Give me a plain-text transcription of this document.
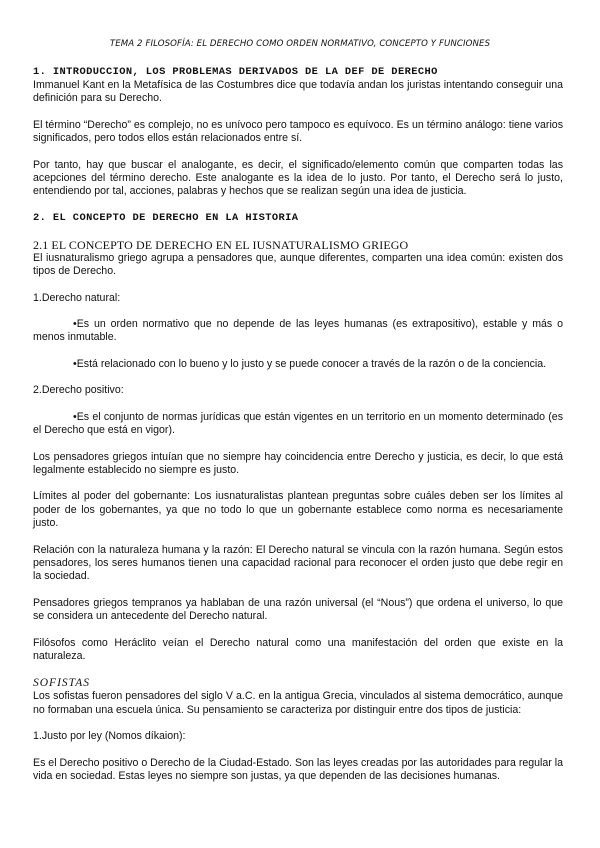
TEMA 2 FILOSOFÍA: EL DERECHO COMO ORDEN NORMATIVO, CONCEPTO Y FUNCIONES
1. INTRODUCCION, LOS PROBLEMAS DERIVADOS DE LA DEF DE DERECHO

Immanuel Kant en la Metafísica de las Costumbres dice que todavía andan los juristas intentando conseguir una definición para su Derecho.

El término “Derecho” es complejo, no es unívoco pero tampoco es equívoco. Es un término análogo: tiene varios significados, pero todos ellos están relacionados entre sí.

Por tanto, hay que buscar el analogante, es decir, el significado/elemento común que comparten todas las acepciones del término derecho. Este analogante es la idea de lo justo. Por tanto, el Derecho será lo justo, entendiendo por tal, acciones, palabras y hechos que se realizan según una idea de justicia.

2. EL CONCEPTO DE DERECHO EN LA HISTORIA
2.1 EL CONCEPTO DE DERECHO EN EL IUSNATURALISMO GRIEGO

El iusnaturalismo griego agrupa a pensadores que, aunque diferentes, comparten una idea común: existen dos tipos de Derecho.

1.Derecho natural:

•Es un orden normativo que no depende de las leyes humanas (es extrapositivo), estable y más o menos inmutable.

•Está relacionado con lo bueno y lo justo y se puede conocer a través de la razón o de la conciencia.

2.Derecho positivo:

•Es el conjunto de normas jurídicas que están vigentes en un territorio en un momento determinado (es el Derecho que está en vigor).

Los pensadores griegos intuían que no siempre hay coincidencia entre Derecho y justicia, es decir, lo que está legalmente establecido no siempre es justo.

Límites al poder del gobernante: Los iusnaturalistas plantean preguntas sobre cuáles deben ser los límites al poder de los gobernantes, ya que no todo lo que un gobernante establece como norma es necesariamente justo.

Relación con la naturaleza humana y la razón: El Derecho natural se vincula con la razón humana. Según estos pensadores, los seres humanos tienen una capacidad racional para reconocer el orden justo que debe regir en la sociedad.

Pensadores griegos tempranos ya hablaban de una razón universal (el “Nous”) que ordena el universo, lo que se considera un antecedente del Derecho natural.

Filósofos como Heráclito veían el Derecho natural como una manifestación del orden que existe en la naturaleza.

SOFISTAS

Los sofistas fueron pensadores del siglo V a.C. en la antigua Grecia, vinculados al sistema democrático, aunque no formaban una escuela única. Su pensamiento se caracteriza por distinguir entre dos tipos de justicia:

1.Justo por ley (Nomos díkaion):

Es el Derecho positivo o Derecho de la Ciudad-Estado. Son las leyes creadas por las autoridades para regular la vida en sociedad. Estas leyes no siempre son justas, ya que dependen de las decisiones humanas.
